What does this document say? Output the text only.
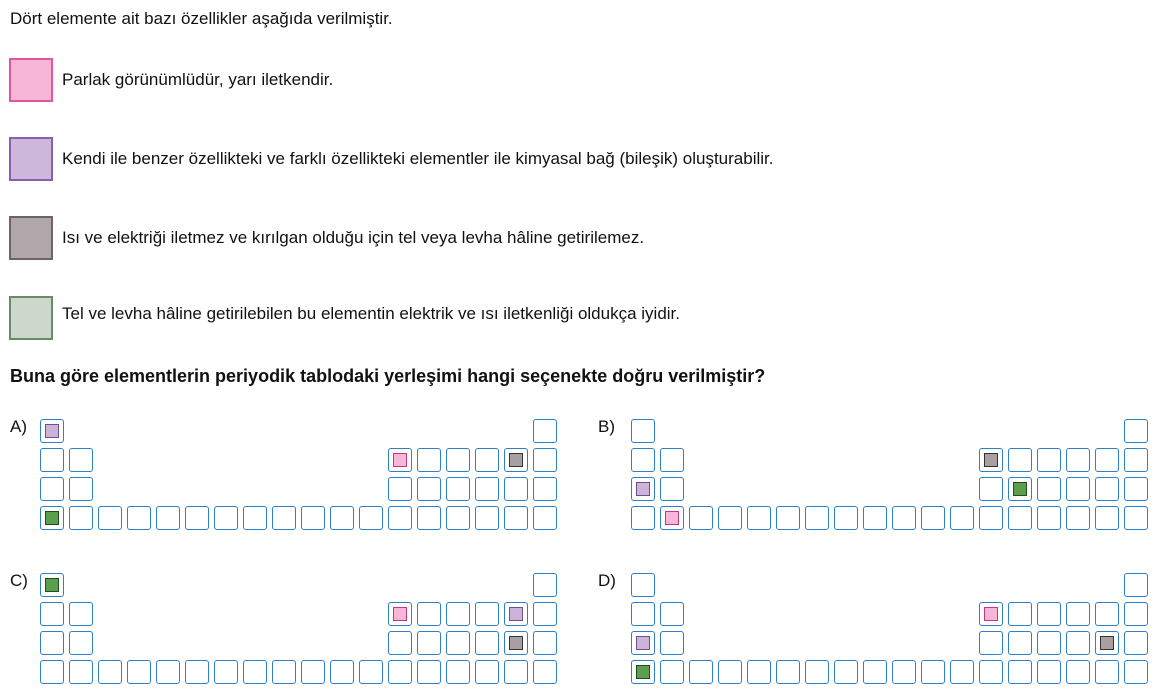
Dört elemente ait bazı özellikler aşağıda verilmiştir.
Parlak görünümlüdür, yarı iletkendir.
Kendi ile benzer özellikteki ve farklı özellikteki elementler ile kimyasal bağ (bileşik) oluşturabilir.
Isı ve elektriği iletmez ve kırılgan olduğu için tel veya levha hâline getirilemez.
Tel ve levha hâline getirilebilen bu elementin elektrik ve ısı iletkenliği oldukça iyidir.
Buna göre elementlerin periyodik tablodaki yerleşimi hangi seçenekte doğru verilmiştir?
A)	B)
C)	D)
